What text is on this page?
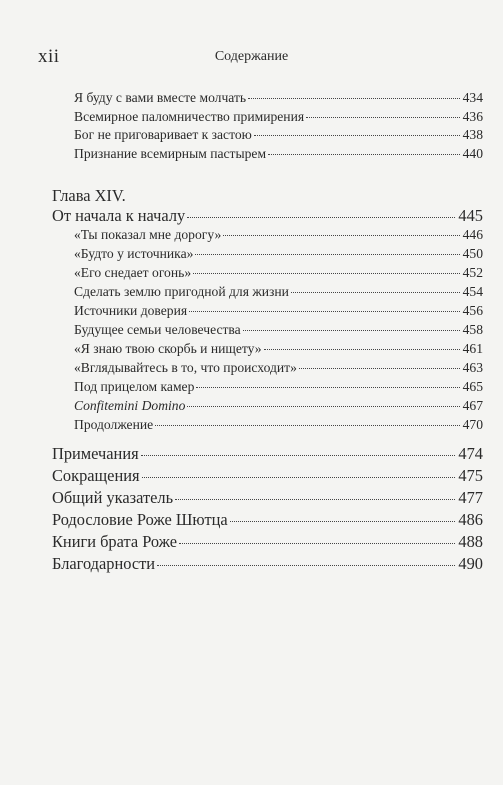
xii	Содержание
Я буду с вами вместе молчать	434
Всемирное паломничество примирения	436
Бог не приговаривает к застою	438
Признание всемирным пастырем	440
Глава XIV.
От начала к началу	445
«Ты показал мне дорогу»	446
«Будто у источника»	450
«Его снедает огонь»	452
Сделать землю пригодной для жизни	454
Источники доверия	456
Будущее семьи человечества	458
«Я знаю твою скорбь и нищету»	461
«Вглядывайтесь в то, что происходит»	463
Под прицелом камер	465
Confitemini Domino	467
Продолжение	470
Примечания	474
Сокращения	475
Общий указатель	477
Родословие Роже Шютца	486
Книги брата Роже	488
Благодарности	490
